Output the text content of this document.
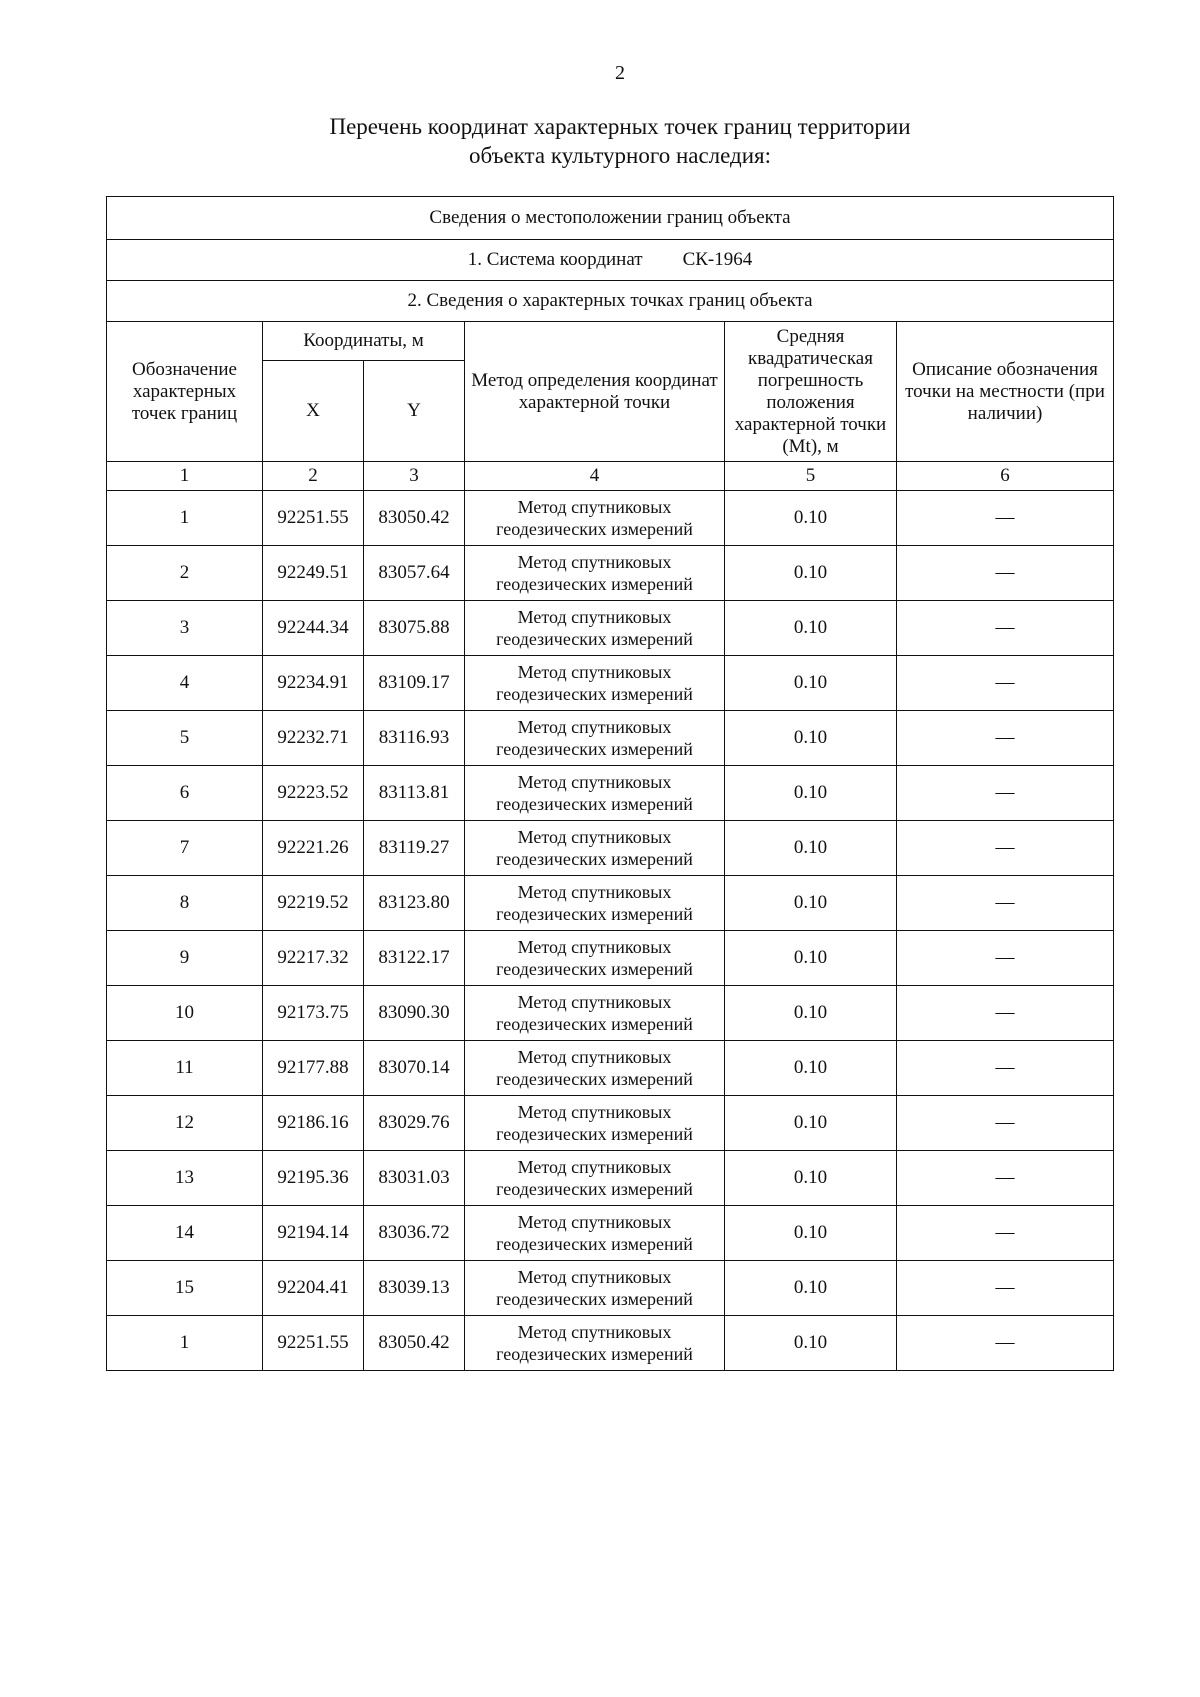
2
Перечень координат характерных точек границ территории
объекта культурного наследия:
Сведения о местоположении границ объекта					
1. Система координат СК-1964					
2. Сведения о характерных точках границ объекта					
Обозначение характерных точек границ	Координаты, м		Метод определения координат характерной точки	Средняя квадратическая погрешность положения характерной точки (Mt), м	Описание обозначения точки на местности (при наличии)
	X	Y			
1	2	3	4	5	6
1	92251.55	83050.42	Метод спутниковых геодезических измерений	0.10	—
2	92249.51	83057.64	Метод спутниковых геодезических измерений	0.10	—
3	92244.34	83075.88	Метод спутниковых геодезических измерений	0.10	—
4	92234.91	83109.17	Метод спутниковых геодезических измерений	0.10	—
5	92232.71	83116.93	Метод спутниковых геодезических измерений	0.10	—
6	92223.52	83113.81	Метод спутниковых геодезических измерений	0.10	—
7	92221.26	83119.27	Метод спутниковых геодезических измерений	0.10	—
8	92219.52	83123.80	Метод спутниковых геодезических измерений	0.10	—
9	92217.32	83122.17	Метод спутниковых геодезических измерений	0.10	—
10	92173.75	83090.30	Метод спутниковых геодезических измерений	0.10	—
11	92177.88	83070.14	Метод спутниковых геодезических измерений	0.10	—
12	92186.16	83029.76	Метод спутниковых геодезических измерений	0.10	—
13	92195.36	83031.03	Метод спутниковых геодезических измерений	0.10	—
14	92194.14	83036.72	Метод спутниковых геодезических измерений	0.10	—
15	92204.41	83039.13	Метод спутниковых геодезических измерений	0.10	—
1	92251.55	83050.42	Метод спутниковых геодезических измерений	0.10	—
